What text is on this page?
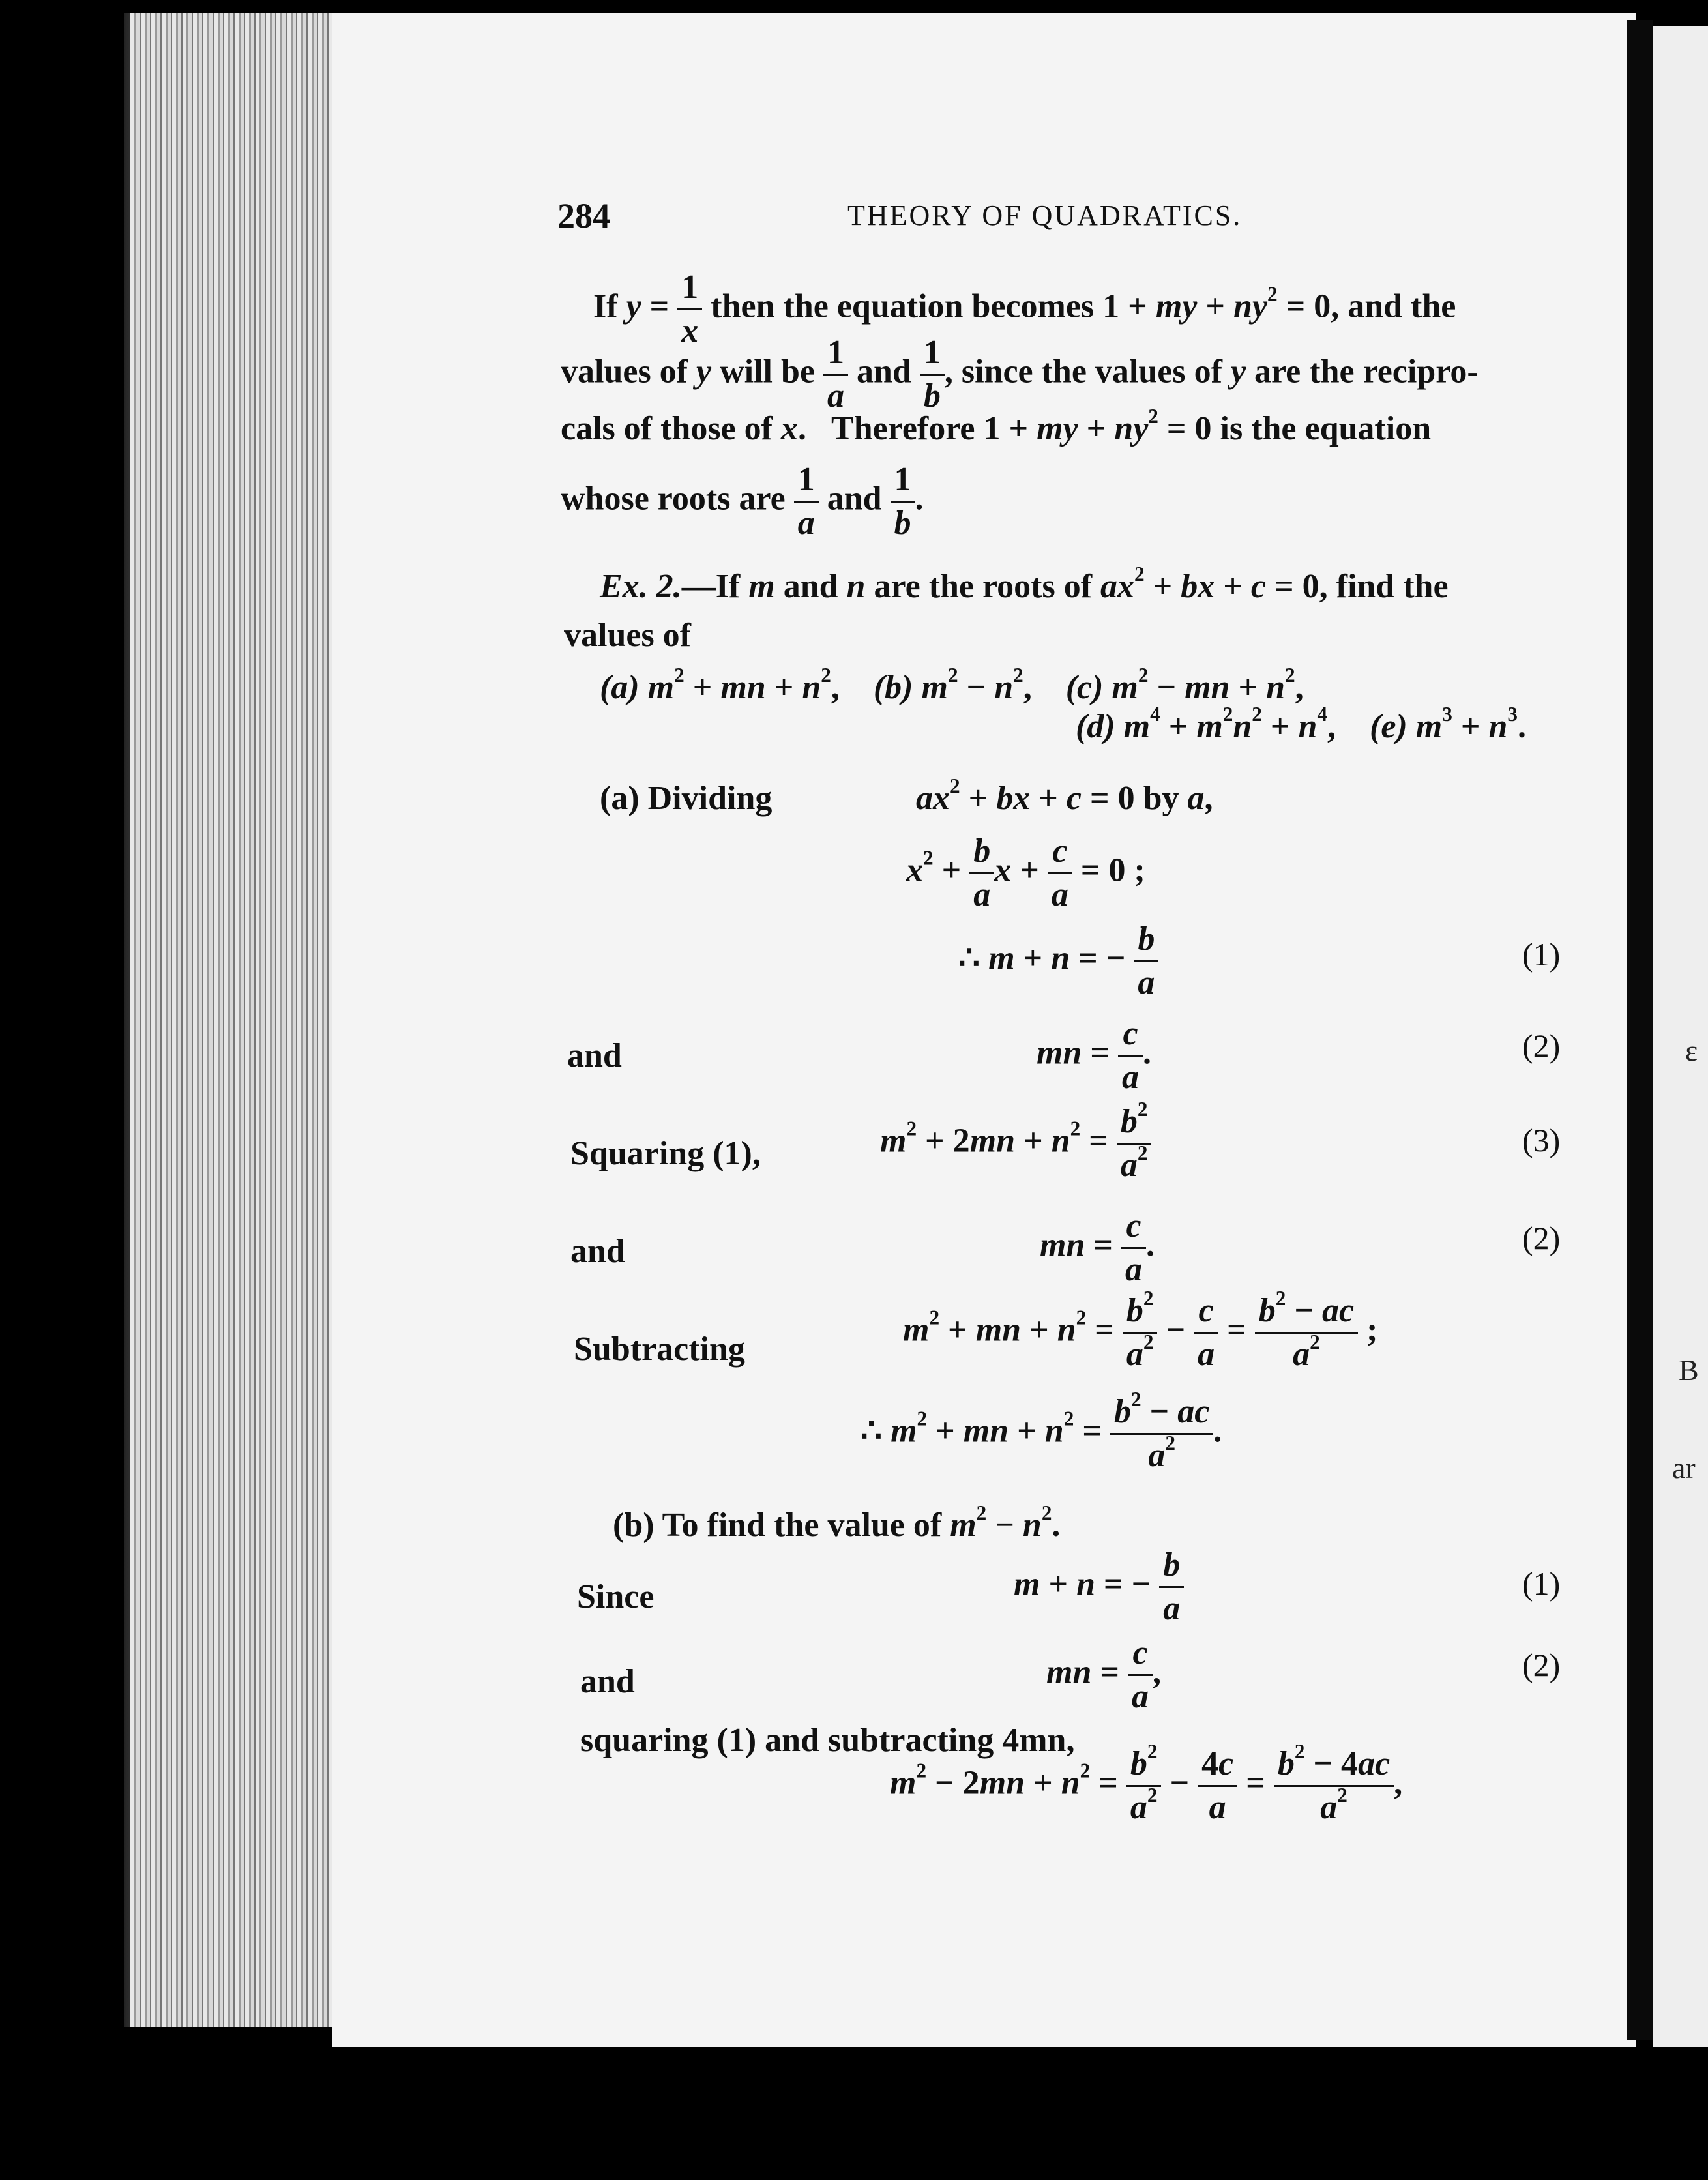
ε
B
ar
284	THEORY OF QUADRATICS.
If $y = \frac{1}{x}$ then the equation becomes 1 + my + $ny^2 = 0$, and the
values of y will be $\frac{1}{a}$ and $\frac{1}{b}$ , since the values of y are the recipro-
cals of those of x.   Therefore 1 + my + $ny^2 = 0$ is the equation
whose roots are $\frac{1}{a}$ and $\frac{1}{b}$ .
Ex. 2.—If m and n are the roots of $ax^2$ + bx + c = 0, find the
values of
(a) $m^2$ + mn + $n^2$,    (b) $m^2 - n^2$,    (c) $m^2$ − mn + $n^2$,
(d) $m^4 + m^2n^2 + n^4$,    (e) $m^3 + n^3$.
(a) Dividing	$ax^2$ + bx + c = 0 by a,
$x^2 + \frac{b}{a}$ $x + \frac{c}{a} = 0$ ;
∴ m + n = − $\frac{b}{a}$	(1)
and	mn = $\frac{c}{a}$ .	(2)
Squaring (1),	$m^2 + 2mn + n^2 = \frac{b^2}{a^2}$	(3)
and	mn = $\frac{c}{a}$ .	(2)
Subtracting
$m^2$ + mn + $n^2 = \frac{b^2}{a^2} - \frac{c}{a} = \frac{b^2 - ac}{a^2}$ ;
∴ $m^2$ + mn + $n^2 = \frac{b^2 - ac}{a^2}$ .
(b) To find the value of $m^2 - n^2$.
Since	m + n = − $\frac{b}{a}$	(1)
and	mn = $\frac{c}{a}$ ,	(2)
squaring (1) and subtracting 4mn,
$m^2 - 2mn + n^2 = \frac{b^2}{a^2} - \frac{4c}{a} = \frac{b^2 - 4ac}{a^2}$ ,
